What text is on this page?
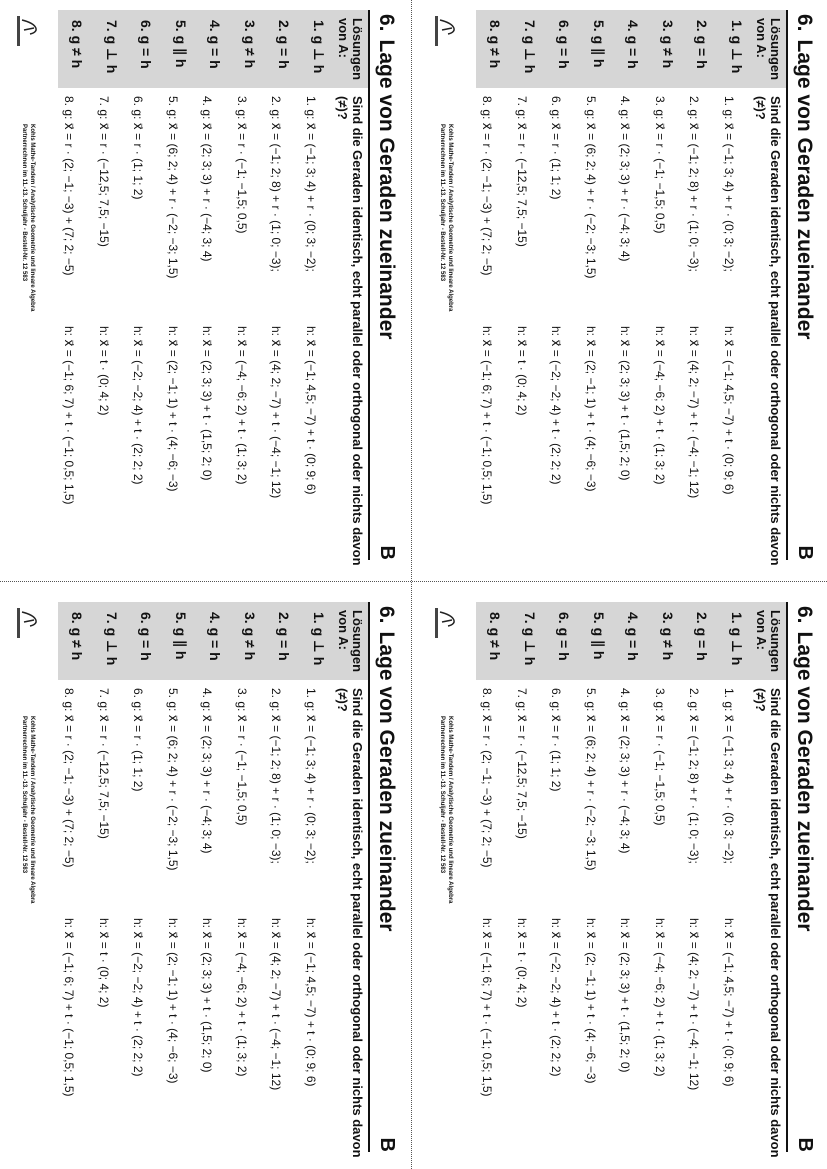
6.Lage von Geraden zueinander
B
Lösungen von A:
1. g ⊥ h
2. g = h
3. g ≠ h
4. g = h
5. g ∥ h
6. g = h
7. g ⊥ h
8. g ≠ h
Sind die Geraden identisch, echt parallel oder orthogonal oder nichts davon (≠)?
1. g: x⃗ = (−1; 3; 4) + r · (0; 3; −2);
h: x⃗ = (−1; 4,5; −7) + t · (0; 9; 6)
2. g: x⃗ = (−1; 2; 8) + r · (1; 0; −3);
h: x⃗ = (4; 2; −7) + t · (−4; −1; 12)
3. g: x⃗ = r · (−1; −1,5; 0,5)
h: x⃗ = (−4; −6; 2) + t · (1; 3; 2)
4. g: x⃗ = (2; 3; 3) + r · (−4; 3; 4)
h: x⃗ = (2; 3; 3) + t · (1,5; 2; 0)
5. g: x⃗ = (6; 2; 4) + r · (−2; −3; 1,5)
h: x⃗ = (2; −1; 1) + t · (4; −6; −3)
6. g: x⃗ = r · (1; 1; 2)
h: x⃗ = (−2; −2; 4) + t · (2; 2; 2)
7. g: x⃗ = r · (−12,5; 7,5; −15)
h: x⃗ = t · (0; 4; 2)
8. g: x⃗ = r · (2; −1; −3) + (7; 2; −5)
h: x⃗ = (−1; 6; 7) + t · (−1; 0,5; 1,5)
Kohls Mathe-Tandem / Analytische Geometrie und lineare Algebra
Partnerrechnen im 11.-13. Schuljahr - Bestell-Nr. 12 583
6.Lage von Geraden zueinander
B
Lösungen von A:
1. g ⊥ h
2. g = h
3. g ≠ h
4. g = h
5. g ∥ h
6. g = h
7. g ⊥ h
8. g ≠ h
Sind die Geraden identisch, echt parallel oder orthogonal oder nichts davon (≠)?
1. g: x⃗ = (−1; 3; 4) + r · (0; 3; −2);
h: x⃗ = (−1; 4,5; −7) + t · (0; 9; 6)
2. g: x⃗ = (−1; 2; 8) + r · (1; 0; −3);
h: x⃗ = (4; 2; −7) + t · (−4; −1; 12)
3. g: x⃗ = r · (−1; −1,5; 0,5)
h: x⃗ = (−4; −6; 2) + t · (1; 3; 2)
4. g: x⃗ = (2; 3; 3) + r · (−4; 3; 4)
h: x⃗ = (2; 3; 3) + t · (1,5; 2; 0)
5. g: x⃗ = (6; 2; 4) + r · (−2; −3; 1,5)
h: x⃗ = (2; −1; 1) + t · (4; −6; −3)
6. g: x⃗ = r · (1; 1; 2)
h: x⃗ = (−2; −2; 4) + t · (2; 2; 2)
7. g: x⃗ = r · (−12,5; 7,5; −15)
h: x⃗ = t · (0; 4; 2)
8. g: x⃗ = r · (2; −1; −3) + (7; 2; −5)
h: x⃗ = (−1; 6; 7) + t · (−1; 0,5; 1,5)
Kohls Mathe-Tandem / Analytische Geometrie und lineare Algebra
Partnerrechnen im 11.-13. Schuljahr - Bestell-Nr. 12 583
6.Lage von Geraden zueinander
B
Lösungen von A:
1. g ⊥ h
2. g = h
3. g ≠ h
4. g = h
5. g ∥ h
6. g = h
7. g ⊥ h
8. g ≠ h
Sind die Geraden identisch, echt parallel oder orthogonal oder nichts davon (≠)?
1. g: x⃗ = (−1; 3; 4) + r · (0; 3; −2);
h: x⃗ = (−1; 4,5; −7) + t · (0; 9; 6)
2. g: x⃗ = (−1; 2; 8) + r · (1; 0; −3);
h: x⃗ = (4; 2; −7) + t · (−4; −1; 12)
3. g: x⃗ = r · (−1; −1,5; 0,5)
h: x⃗ = (−4; −6; 2) + t · (1; 3; 2)
4. g: x⃗ = (2; 3; 3) + r · (−4; 3; 4)
h: x⃗ = (2; 3; 3) + t · (1,5; 2; 0)
5. g: x⃗ = (6; 2; 4) + r · (−2; −3; 1,5)
h: x⃗ = (2; −1; 1) + t · (4; −6; −3)
6. g: x⃗ = r · (1; 1; 2)
h: x⃗ = (−2; −2; 4) + t · (2; 2; 2)
7. g: x⃗ = r · (−12,5; 7,5; −15)
h: x⃗ = t · (0; 4; 2)
8. g: x⃗ = r · (2; −1; −3) + (7; 2; −5)
h: x⃗ = (−1; 6; 7) + t · (−1; 0,5; 1,5)
Kohls Mathe-Tandem / Analytische Geometrie und lineare Algebra
Partnerrechnen im 11.-13. Schuljahr - Bestell-Nr. 12 583
6.Lage von Geraden zueinander
B
Lösungen von A:
1. g ⊥ h
2. g = h
3. g ≠ h
4. g = h
5. g ∥ h
6. g = h
7. g ⊥ h
8. g ≠ h
Sind die Geraden identisch, echt parallel oder orthogonal oder nichts davon (≠)?
1. g: x⃗ = (−1; 3; 4) + r · (0; 3; −2);
h: x⃗ = (−1; 4,5; −7) + t · (0; 9; 6)
2. g: x⃗ = (−1; 2; 8) + r · (1; 0; −3);
h: x⃗ = (4; 2; −7) + t · (−4; −1; 12)
3. g: x⃗ = r · (−1; −1,5; 0,5)
h: x⃗ = (−4; −6; 2) + t · (1; 3; 2)
4. g: x⃗ = (2; 3; 3) + r · (−4; 3; 4)
h: x⃗ = (2; 3; 3) + t · (1,5; 2; 0)
5. g: x⃗ = (6; 2; 4) + r · (−2; −3; 1,5)
h: x⃗ = (2; −1; 1) + t · (4; −6; −3)
6. g: x⃗ = r · (1; 1; 2)
h: x⃗ = (−2; −2; 4) + t · (2; 2; 2)
7. g: x⃗ = r · (−12,5; 7,5; −15)
h: x⃗ = t · (0; 4; 2)
8. g: x⃗ = r · (2; −1; −3) + (7; 2; −5)
h: x⃗ = (−1; 6; 7) + t · (−1; 0,5; 1,5)
Kohls Mathe-Tandem / Analytische Geometrie und lineare Algebra
Partnerrechnen im 11.-13. Schuljahr - Bestell-Nr. 12 583
